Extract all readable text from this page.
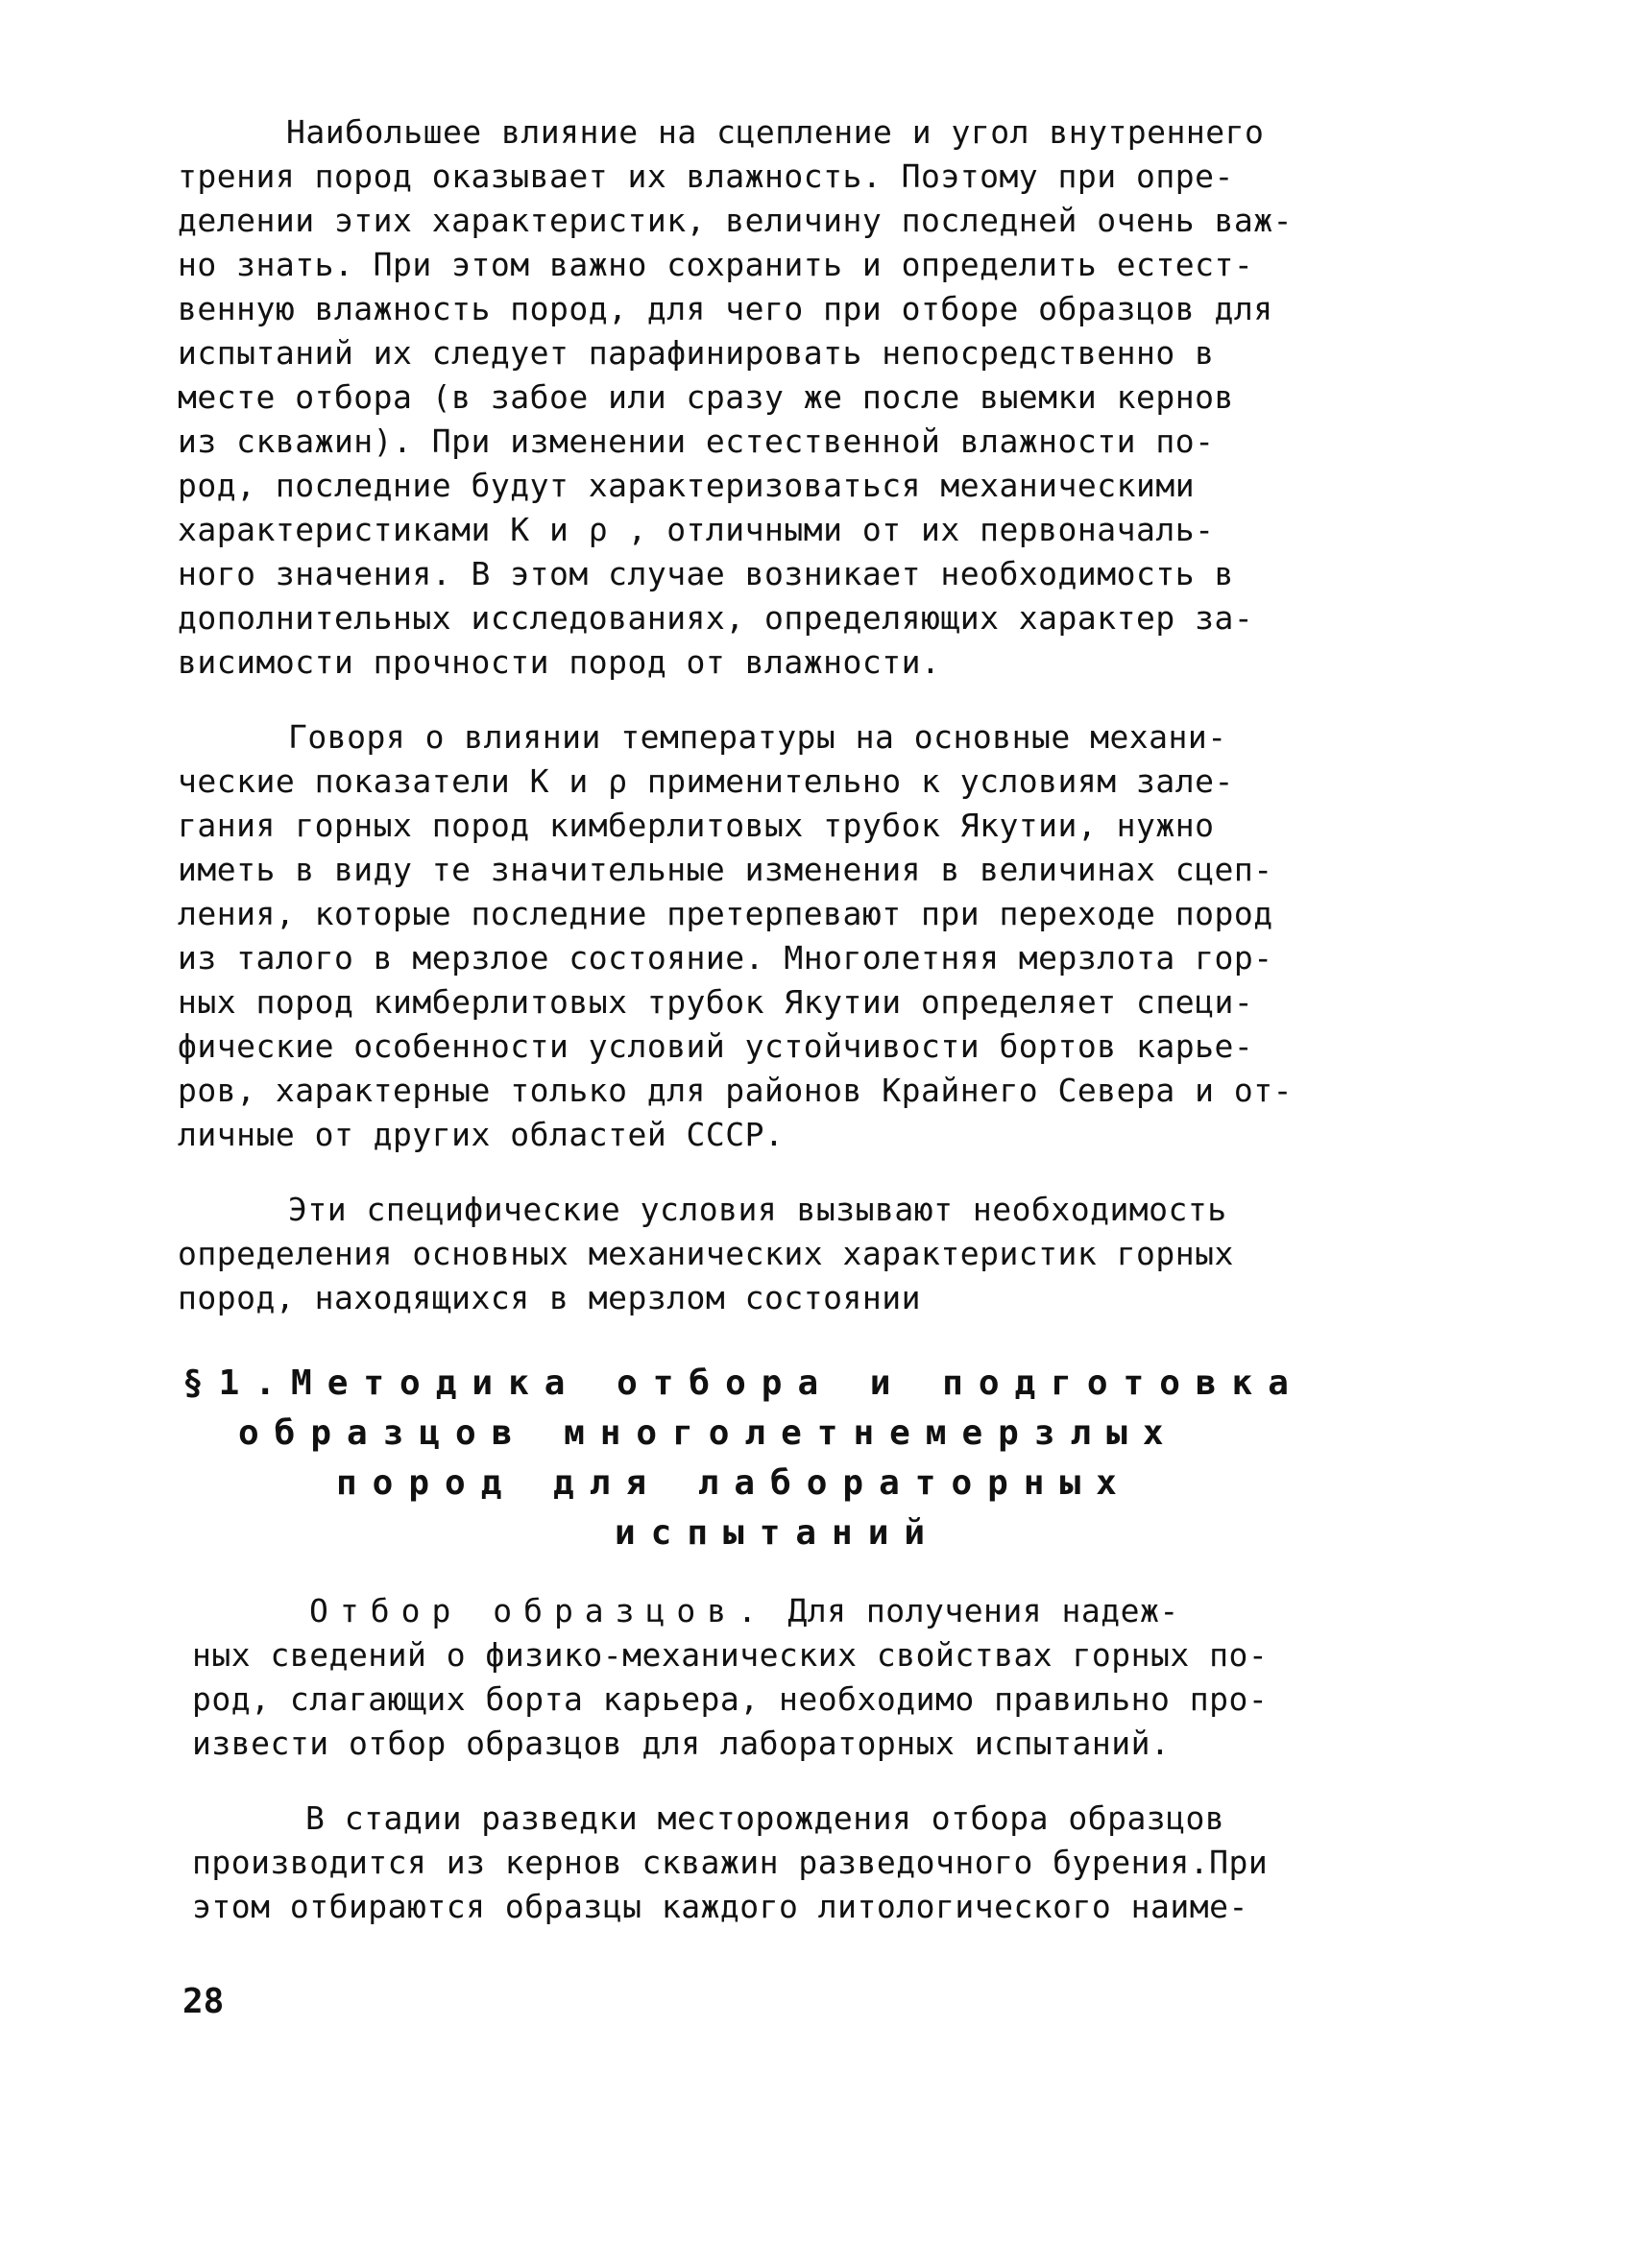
Наибольшее влияние на сцепление и угол внутреннего

трения пород оказывает их влажность. Поэтому при опре-

делении этих характеристик, величину последней очень важ-

но знать. При этом важно сохранить и определить естест-

венную влажность пород, для чего при отборе образцов для

испытаний их следует парафинировать непосредственно в

месте отбора (в забое или сразу же после выемки кернов

из скважин). При изменении естественной влажности по-

род, последние будут характеризоваться механическими

характеристиками К и ρ , отличными от их первоначаль-

ного значения. В этом случае возникает необходимость в

дополнительных исследованиях, определяющих характер за-

висимости прочности пород от влажности.

Говоря о влиянии температуры на основные механи-

ческие показатели К и ρ применительно к условиям зале-

гания горных пород кимберлитовых трубок Якутии, нужно

иметь в виду те значительные изменения в величинах сцеп-

ления, которые последние претерпевают при переходе пород

из талого в мерзлое состояние. Многолетняя мерзлота гор-

ных пород кимберлитовых трубок Якутии определяет специ-

фические особенности условий устойчивости бортов карье-

ров, характерные только для районов Крайнего Севера и от-

личные от других областей СССР.

Эти специфические условия вызывают необходимость

определения основных механических характеристик горных

пород, находящихся в мерзлом состоянии

§1.Методика отбора и подготовка

образцов многолетнемерзлых

пород для лабораторных

испытаний

Отбор образцов. Для получения надеж-

ных сведений о физико-механических свойствах горных по-

род, слагающих борта карьера, необходимо правильно про-

извести отбор образцов для лабораторных испытаний.

В стадии разведки месторождения отбора образцов

производится из кернов скважин разведочного бурения.При

этом отбираются образцы каждого литологического наиме-

28
